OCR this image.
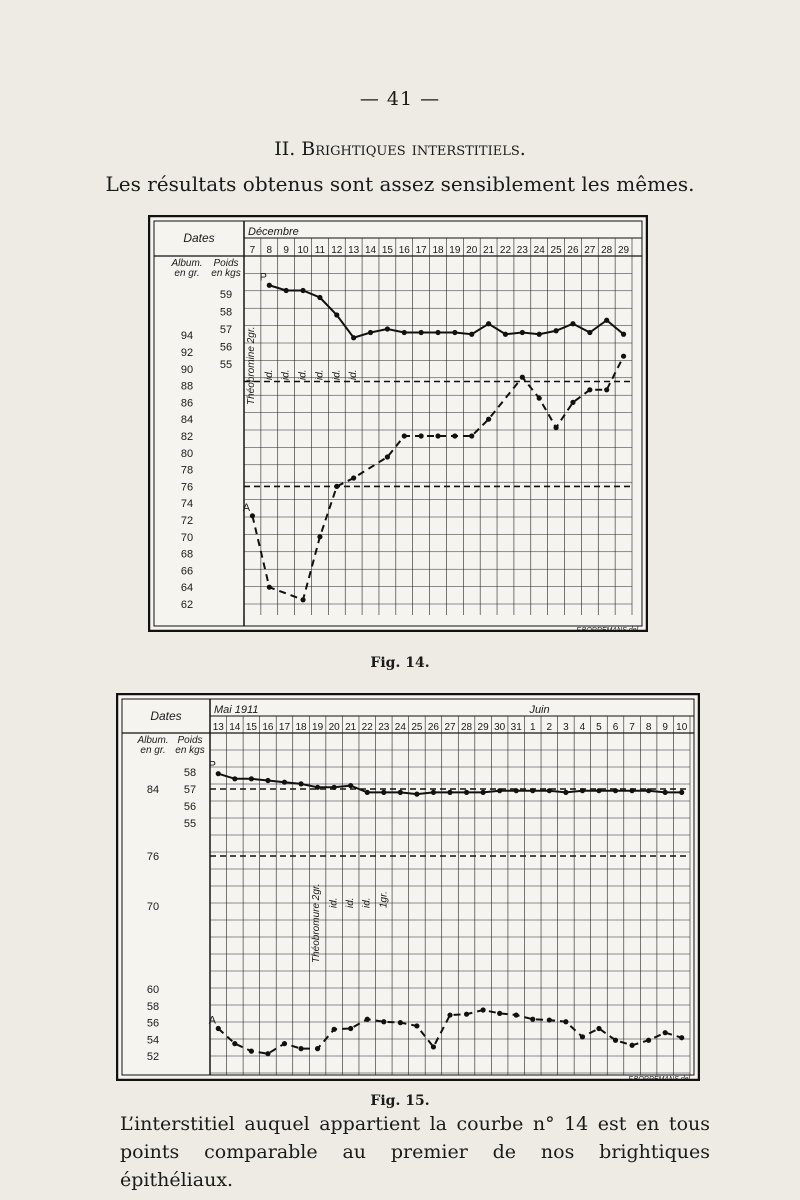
— 41 —
II. Brightiques interstitiels.
Les résultats obtenus sont assez sensiblement les mêmes.
Dates	Décembre
7 8 9 10 11 12 13 14 15 16 17 18 19 20 21 22 23 24 25 26 27 28 29
Album.
en gr.
Poids
en kgs
94
92
90
88
86
84
82
80
78
76
74
72
70
68
66
64
62
59
58
57
56
55 Théobromine 2gr. id. id. id. id. id. id.
P
A
F.BORREMANS del.
Fig. 14.
Dates	Mai 1911	Juin
13 14 15 16 17 18 19 20 21 22 23 24 25 26 27 28 29 30 31 1 2 3 4 5 6 7 8 9 10
Album.
en gr.
Poids
en kgs
84
76
70
60
58
56
54
52
58
57
56
55
Théobromure 2gr. id. id. id. 1gr.
P
A
F.BORREMANS del.
Fig. 15.
L’interstitiel auquel appartient la courbe n° 14 est en tous
points comparable au premier de nos brightiques épithéliaux.
